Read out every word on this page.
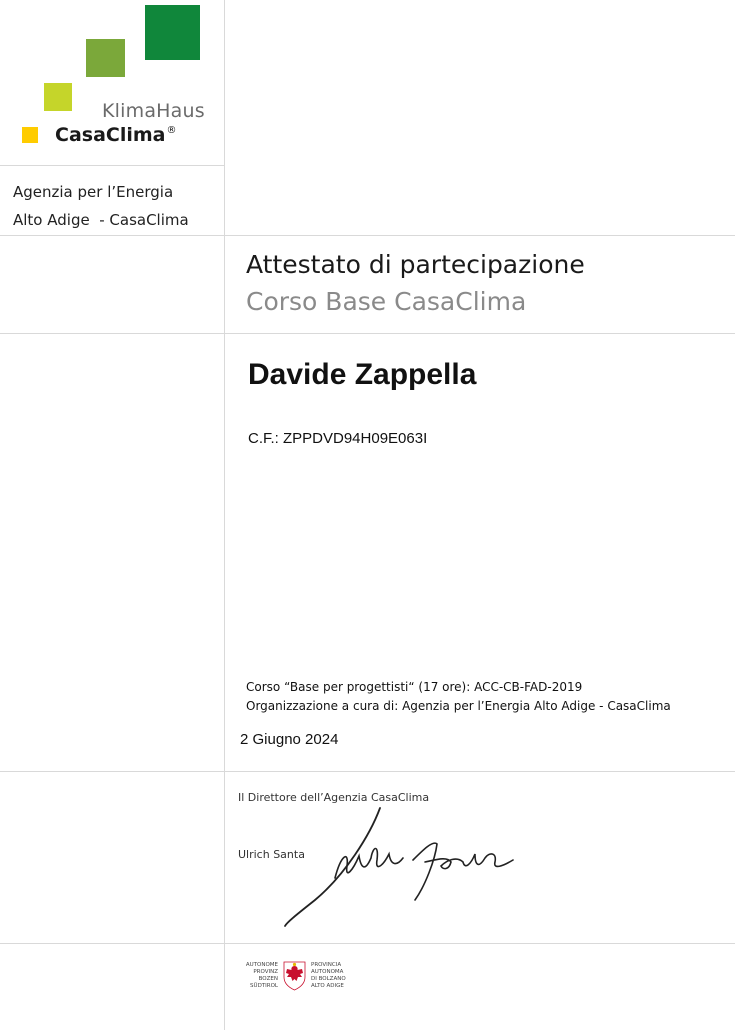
KlimaHaus
CasaClima®
Agenzia per l’Energia
Alto Adige  - CasaClima
Attestato di partecipazione
Corso Base CasaClima
Davide Zappella
C.F.: ZPPDVD94H09E063I
Corso “Base per progettisti“ (17 ore): ACC-CB-FAD-2019
Organizzazione a cura di: Agenzia per l’Energia Alto Adige - CasaClima
2 Giugno 2024
Il Direttore dell’Agenzia CasaClima
Ulrich Santa
AUTONOME
PROVINZ
BOZEN
SÜDTIROL
PROVINCIA
AUTONOMA
DI BOLZANO
ALTO ADIGE
